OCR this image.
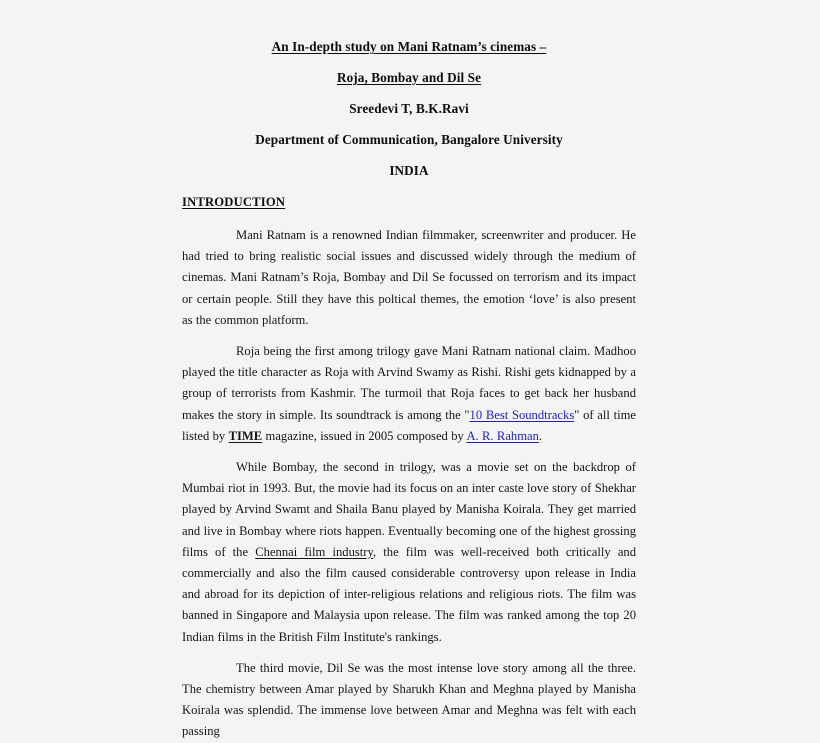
An In-depth study on Mani Ratnam’s cinemas –
Roja, Bombay and Dil Se
Sreedevi T, B.K.Ravi
Department of Communication, Bangalore University
INDIA
INTRODUCTION

Mani Ratnam is a renowned Indian filmmaker, screenwriter and producer. He had tried to bring realistic social issues and discussed widely through the medium of cinemas. Mani Ratnam’s Roja, Bombay and Dil Se focussed on terrorism and its impact or certain people. Still they have this poltical themes, the emotion ‘love’ is also present as the common platform.

Roja being the first among trilogy gave Mani Ratnam national claim. Madhoo played the title character as Roja with Arvind Swamy as Rishi. Rishi gets kidnapped by a group of terrorists from Kashmir. The turmoil that Roja faces to get back her husband makes the story in simple. Its soundtrack is among the "10 Best Soundtracks" of all time listed by TIME magazine, issued in 2005 composed by A. R. Rahman.

While Bombay, the second in trilogy, was a movie set on the backdrop of Mumbai riot in 1993. But, the movie had its focus on an inter caste love story of Shekhar played by Arvind Swamt and Shaila Banu played by Manisha Koirala. They get married and live in Bombay where riots happen. Eventually becoming one of the highest grossing films of the Chennai film industry, the film was well-received both critically and commercially and also the film caused considerable controversy upon release in India and abroad for its depiction of inter-religious relations and religious riots. The film was banned in Singapore and Malaysia upon release. The film was ranked among the top 20 Indian films in the British Film Institute's rankings.

The third movie, Dil Se was the most intense love story among all the three. The chemistry between Amar played by Sharukh Khan and Meghna played by Manisha Koirala was splendid. The immense love between Amar and Meghna was felt with each passing
